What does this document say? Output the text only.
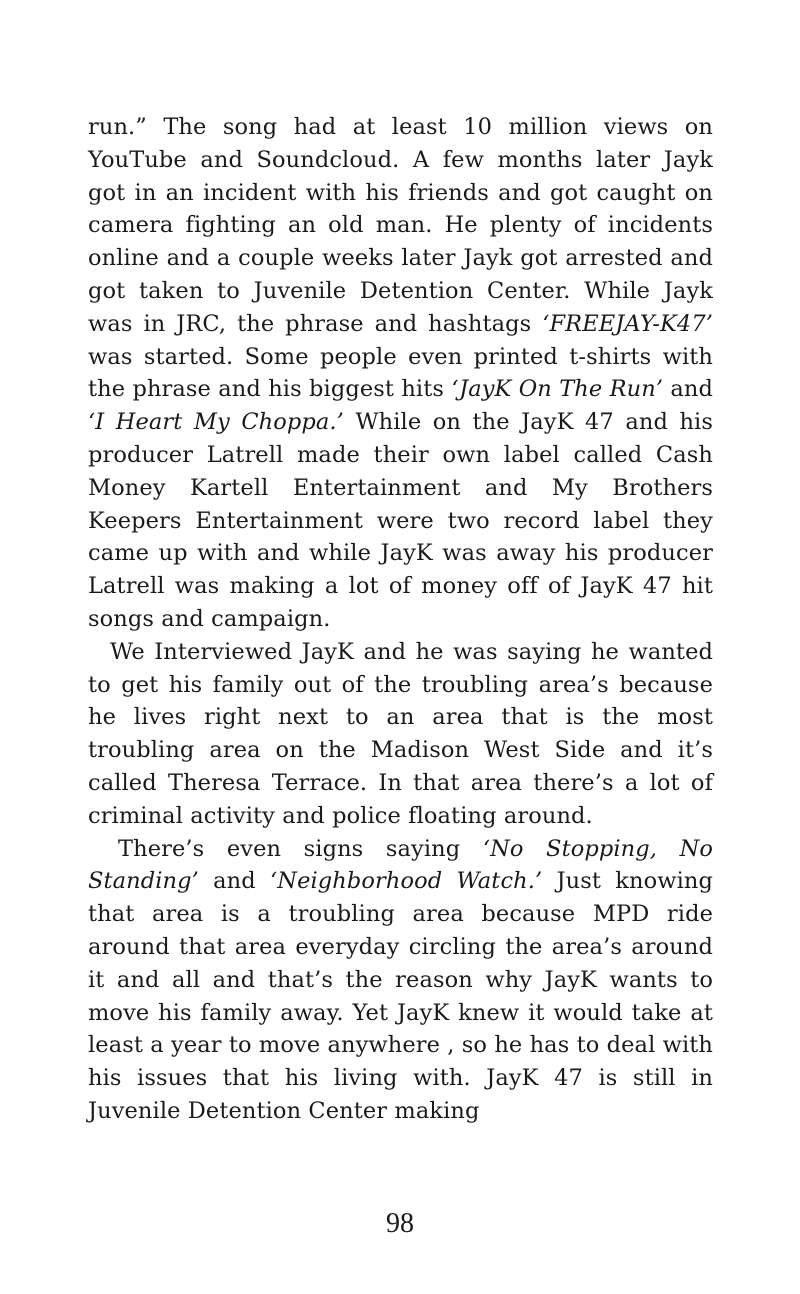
run.” The song had at least 10 million views on YouTube and Soundcloud. A few months later Jayk got in an incident with his friends and got caught on camera fighting an old man. He plenty of incidents online and a couple weeks later Jayk got arrested and got taken to Juvenile Detention Center. While Jayk was in JRC, the phrase and hashtags ‘FREEJAY-K47’ was started. Some people even printed t-shirts with the phrase and his biggest hits ‘JayK On The Run’ and ‘I Heart My Choppa.’ While on the JayK 47 and his producer Latrell made their own label called Cash Money Kartell Entertainment and My Brothers Keepers Entertainment were two record label they came up with and while JayK was away his producer Latrell was making a lot of money off of JayK 47 hit songs and campaign.

We Interviewed JayK and he was saying he wanted to get his family out of the troubling area’s because he lives right next to an area that is the most troubling area on the Madison West Side and it’s called Theresa Terrace. In that area there’s a lot of criminal activity and police floating around.

There’s even signs saying ‘No Stopping, No Standing’ and ‘Neighborhood Watch.’ Just knowing that area is a troubling area because MPD ride around that area everyday circling the area’s around it and all and that’s the reason why JayK wants to move his family away. Yet JayK knew it would take at least a year to move anywhere , so he has to deal with his issues that his living with. JayK 47 is still in Juvenile Detention Center making

98
